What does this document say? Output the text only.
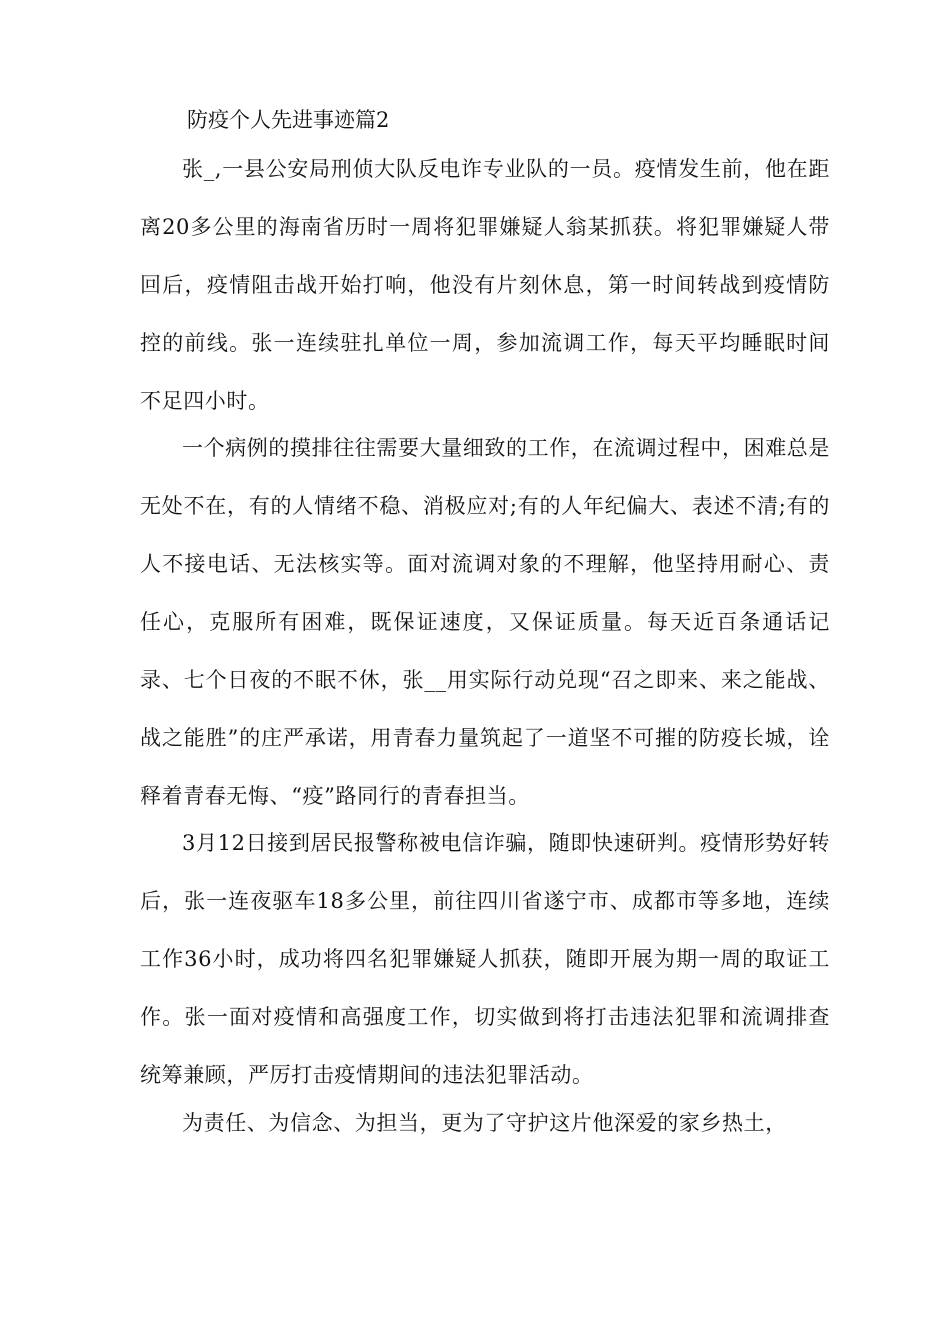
防疫个人先进事迹篇2

张_,一县公安局刑侦大队反电诈专业队的一员。疫情发生前，他在距离20多公里的海南省历时一周将犯罪嫌疑人翁某抓获。将犯罪嫌疑人带回后，疫情阻击战开始打响，他没有片刻休息，第一时间转战到疫情防控的前线。张一连续驻扎单位一周，参加流调工作，每天平均睡眠时间不足四小时。

一个病例的摸排往往需要大量细致的工作，在流调过程中，困难总是无处不在，有的人情绪不稳、消极应对;有的人年纪偏大、表述不清;有的人不接电话、无法核实等。面对流调对象的不理解，他坚持用耐心、责任心，克服所有困难，既保证速度，又保证质量。每天近百条通话记录、七个日夜的不眠不休，张__用实际行动兑现“召之即来、来之能战、战之能胜”的庄严承诺，用青春力量筑起了一道坚不可摧的防疫长城，诠释着青春无悔、“疫”路同行的青春担当。

3月12日接到居民报警称被电信诈骗，随即快速研判。疫情形势好转后，张一连夜驱车18多公里，前往四川省遂宁市、成都市等多地，连续工作36小时，成功将四名犯罪嫌疑人抓获，随即开展为期一周的取证工作。张一面对疫情和高强度工作，切实做到将打击违法犯罪和流调排查统筹兼顾，严厉打击疫情期间的违法犯罪活动。

为责任、为信念、为担当，更为了守护这片他深爱的家乡热土，
